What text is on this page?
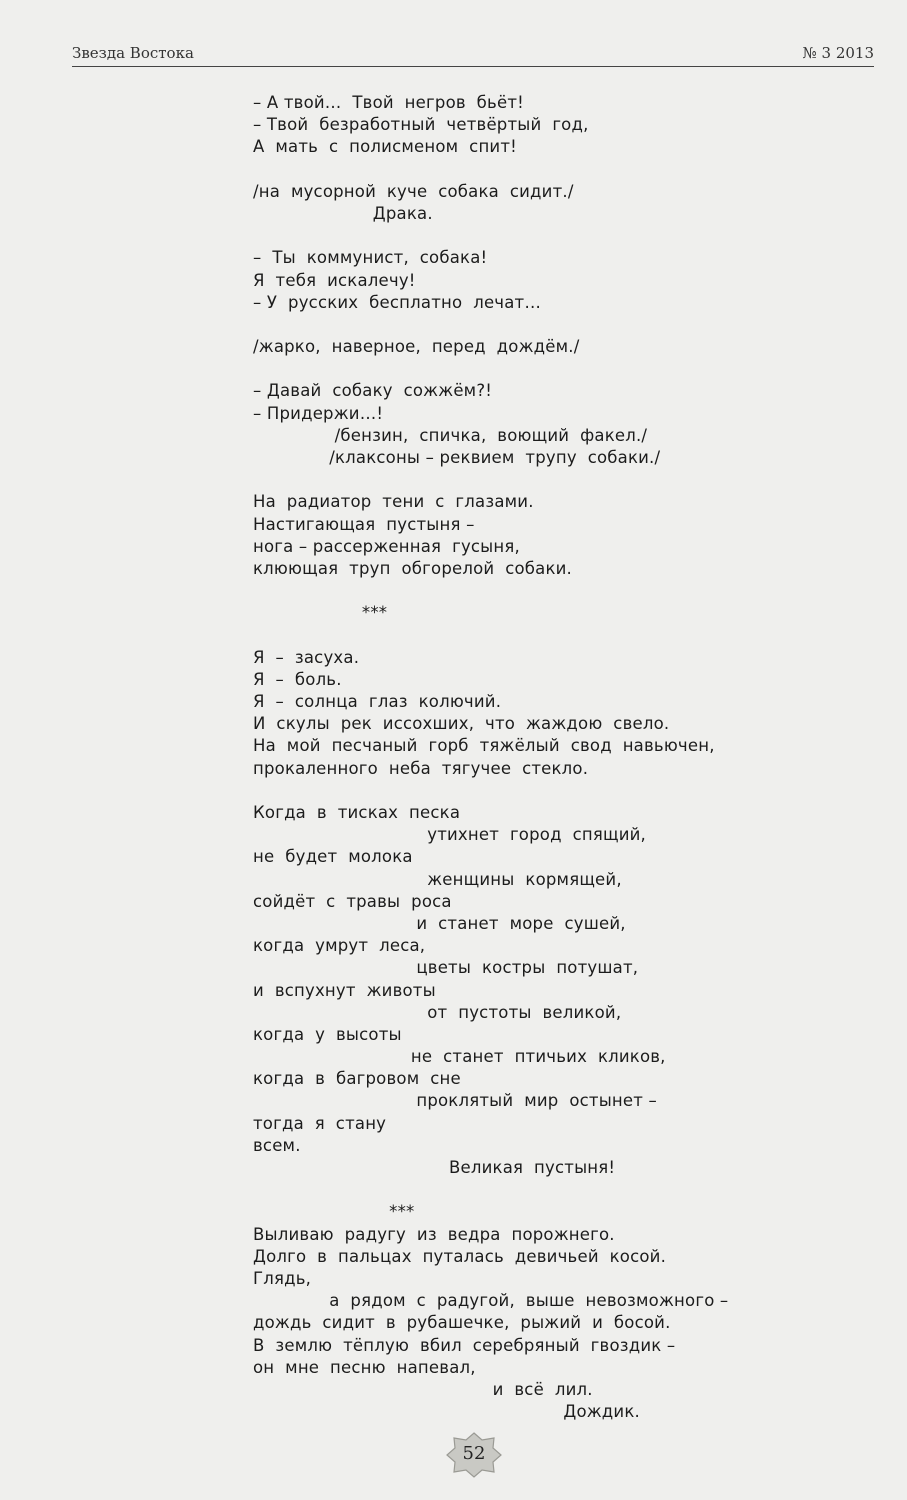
Звезда Востока	№ 3 2013
– А твой…  Твой  негров  бьёт!
– Твой  безработный  четвёртый  год,
А  мать  с  полисменом  спит!
/на  мусорной  куче  собака  сидит./
Драка.
–  Ты  коммунист,  собака!
Я  тебя  искалечу!
– У  русских  бесплатно  лечат…
/жарко,  наверное,  перед  дождём./
– Давай  собаку  сожжём?!
– Придержи…!
/бензин,  спичка,  воющий  факел./
/клаксоны – реквием  трупу  собаки./
На  радиатор  тени  с  глазами.
Настигающая  пустыня –
нога – рассерженная  гусыня,
клюющая  труп  обгорелой  собаки.
***
Я  –  засуха.
Я  –  боль.
Я  –  солнца  глаз  колючий.
И  скулы  рек  иссохших,  что  жаждою  свело.
На  мой  песчаный  горб  тяжёлый  свод  навьючен,
прокаленного  неба  тягучее  стекло.
Когда  в  тисках  песка
утихнет  город  спящий,
не  будет  молока
женщины  кормящей,
сойдёт  с  травы  роса
и  станет  море  сушей,
когда  умрут  леса,
цветы  костры  потушат,
и  вспухнут  животы
от  пустоты  великой,
когда  у  высоты
не  станет  птичьих  кликов,
когда  в  багровом  сне
проклятый  мир  остынет –
тогда  я  стану
всем.
Великая  пустыня!
***
Выливаю  радугу  из  ведра  порожнего.
Долго  в  пальцах  путалась  девичьей  косой.
Глядь,
а  рядом  с  радугой,  выше  невозможного –
дождь  сидит  в  рубашечке,  рыжий  и  босой.
В  землю  тёплую  вбил  серебряный  гвоздик –
он  мне  песню  напевал,
и  всё  лил.
Дождик.
52
